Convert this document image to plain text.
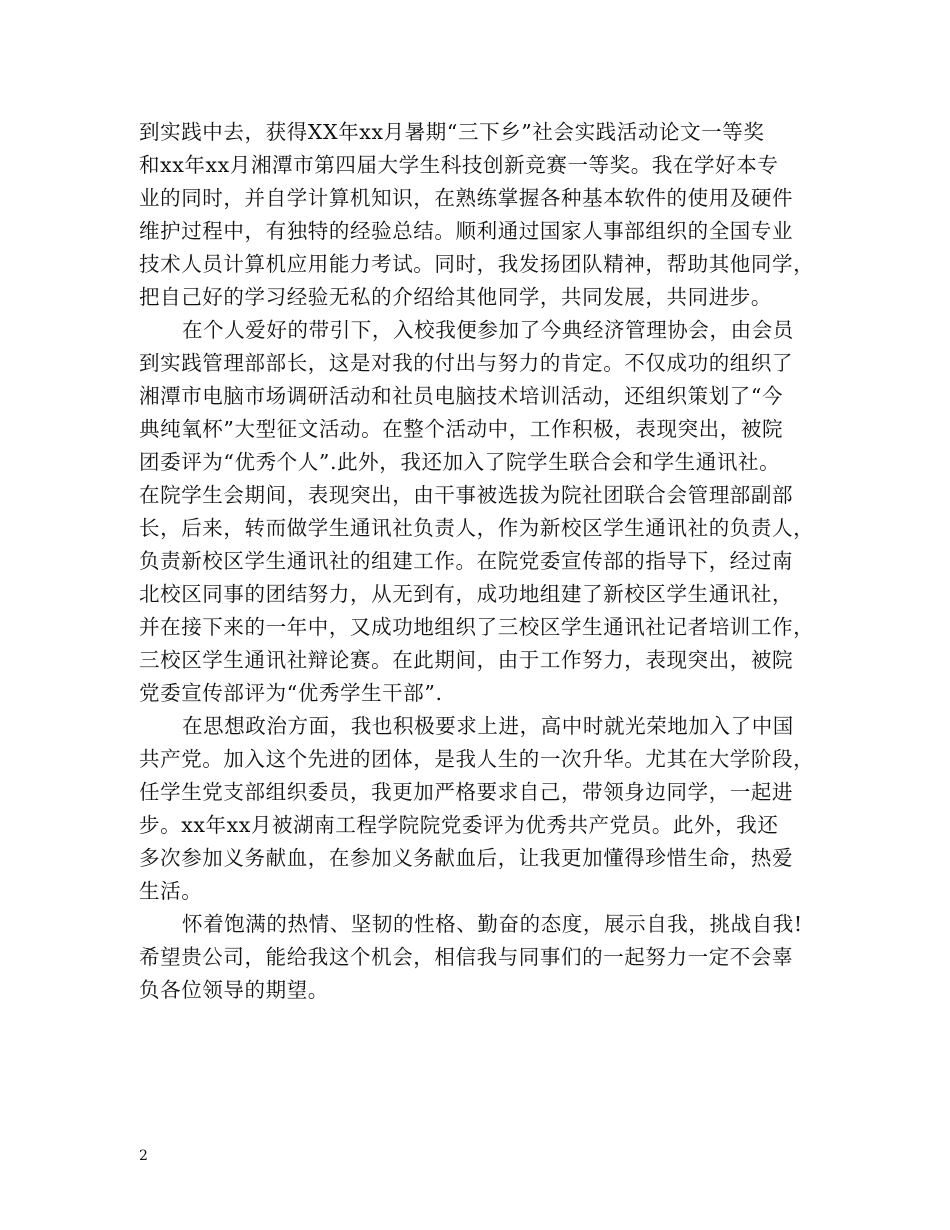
到实践中去，获得XX年xx月暑期“三下乡”社会实践活动论文一等奖
和xx年xx月湘潭市第四届大学生科技创新竞赛一等奖。我在学好本专
业的同时，并自学计算机知识，在熟练掌握各种基本软件的使用及硬件
维护过程中，有独特的经验总结。顺利通过国家人事部组织的全国专业
技术人员计算机应用能力考试。同时，我发扬团队精神，帮助其他同学，
把自己好的学习经验无私的介绍给其他同学，共同发展，共同进步。
在个人爱好的带引下，入校我便参加了今典经济管理协会，由会员
到实践管理部部长，这是对我的付出与努力的肯定。不仅成功的组织了
湘潭市电脑市场调研活动和社员电脑技术培训活动，还组织策划了“今
典纯氧杯”大型征文活动。在整个活动中，工作积极，表现突出，被院
团委评为“优秀个人”.此外，我还加入了院学生联合会和学生通讯社。
在院学生会期间，表现突出，由干事被选拔为院社团联合会管理部副部
长，后来，转而做学生通讯社负责人，作为新校区学生通讯社的负责人，
负责新校区学生通讯社的组建工作。在院党委宣传部的指导下，经过南
北校区同事的团结努力，从无到有，成功地组建了新校区学生通讯社，
并在接下来的一年中，又成功地组织了三校区学生通讯社记者培训工作，
三校区学生通讯社辩论赛。在此期间，由于工作努力，表现突出，被院
党委宣传部评为“优秀学生干部”.
在思想政治方面，我也积极要求上进，高中时就光荣地加入了中国
共产党。加入这个先进的团体，是我人生的一次升华。尤其在大学阶段，
任学生党支部组织委员，我更加严格要求自己，带领身边同学，一起进
步。xx年xx月被湖南工程学院院党委评为优秀共产党员。此外，我还
多次参加义务献血，在参加义务献血后，让我更加懂得珍惜生命，热爱
生活。
怀着饱满的热情、坚韧的性格、勤奋的态度，展示自我，挑战自我!
希望贵公司，能给我这个机会，相信我与同事们的一起努力一定不会辜
负各位领导的期望。
2
